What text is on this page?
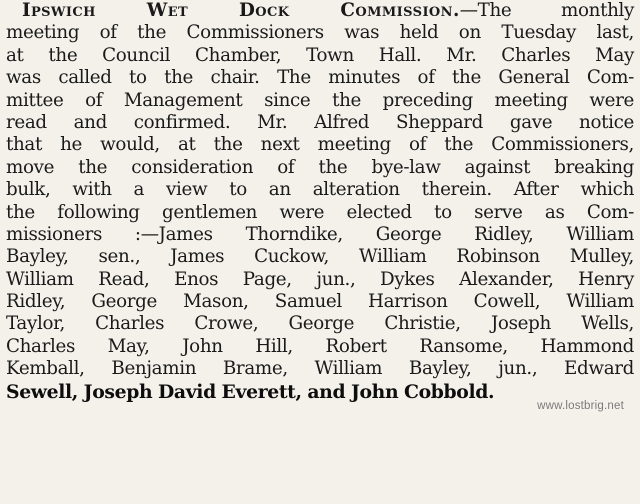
Ipswich Wet Dock Commission.—The monthly
meeting of the Commissioners was held on Tuesday last,
at the Council Chamber, Town Hall. Mr. Charles May
was called to the chair. The minutes of the General Com-
mittee of Management since the preceding meeting were
read and confirmed. Mr. Alfred Sheppard gave notice
that he would, at the next meeting of the Commissioners,
move the consideration of the bye-law against breaking
bulk, with a view to an alteration therein. After which
the following gentlemen were elected to serve as Com-
missioners :—James Thorndike, George Ridley, William
Bayley, sen., James Cuckow, William Robinson Mulley,
William Read, Enos Page, jun., Dykes Alexander, Henry
Ridley, George Mason, Samuel Harrison Cowell, William
Taylor, Charles Crowe, George Christie, Joseph Wells,
Charles May, John Hill, Robert Ransome, Hammond
Kemball, Benjamin Brame, William Bayley, jun., Edward
Sewell, Joseph David Everett, and John Cobbold.
www.lostbrig.net
